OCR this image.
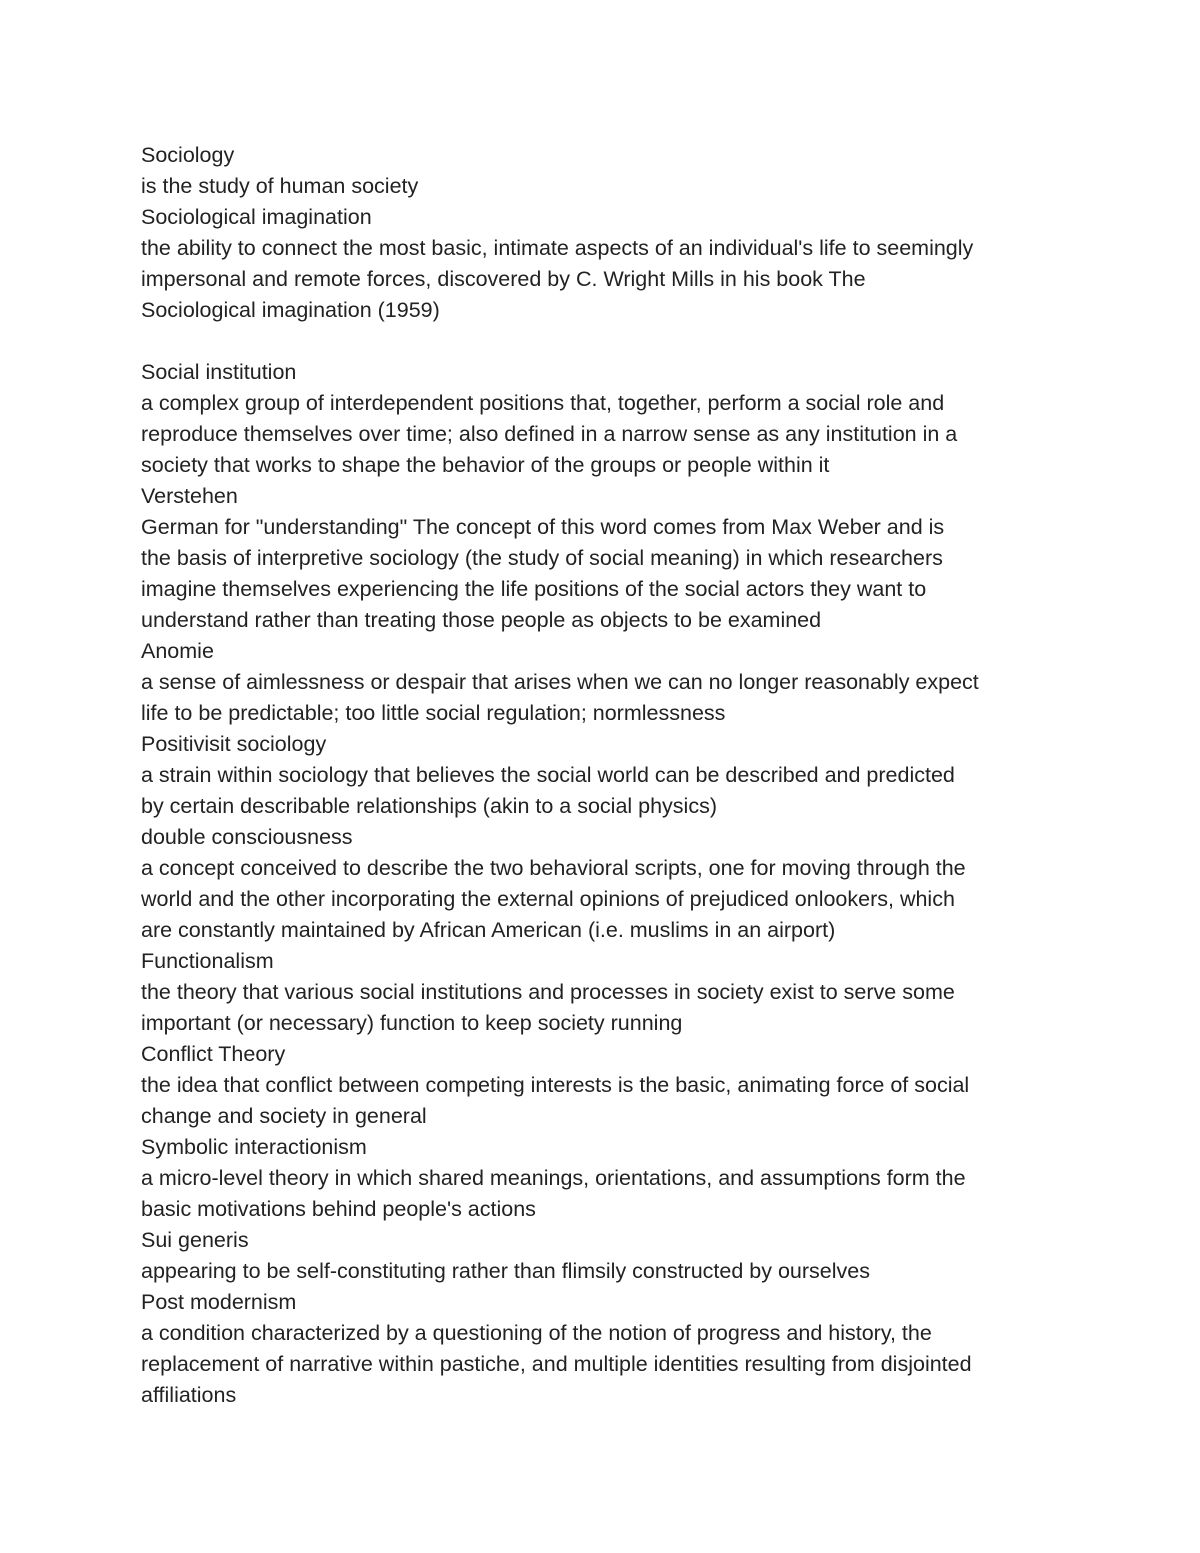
Sociology
is the study of human society
Sociological imagination
the ability to connect the most basic, intimate aspects of an individual's life to seemingly
impersonal and remote forces, discovered by C. Wright Mills in his book The
Sociological imagination (1959)
Social institution
a complex group of interdependent positions that, together, perform a social role and
reproduce themselves over time; also defined in a narrow sense as any institution in a
society that works to shape the behavior of the groups or people within it
Verstehen
German for "understanding" The concept of this word comes from Max Weber and is
the basis of interpretive sociology (the study of social meaning) in which researchers
imagine themselves experiencing the life positions of the social actors they want to
understand rather than treating those people as objects to be examined
Anomie
a sense of aimlessness or despair that arises when we can no longer reasonably expect
life to be predictable; too little social regulation; normlessness
Positivisit sociology
a strain within sociology that believes the social world can be described and predicted
by certain describable relationships (akin to a social physics)
double consciousness
a concept conceived to describe the two behavioral scripts, one for moving through the
world and the other incorporating the external opinions of prejudiced onlookers, which
are constantly maintained by African American (i.e. muslims in an airport)
Functionalism
the theory that various social institutions and processes in society exist to serve some
important (or necessary) function to keep society running
Conflict Theory
the idea that conflict between competing interests is the basic, animating force of social
change and society in general
Symbolic interactionism
a micro-level theory in which shared meanings, orientations, and assumptions form the
basic motivations behind people's actions
Sui generis
appearing to be self-constituting rather than flimsily constructed by ourselves
Post modernism
a condition characterized by a questioning of the notion of progress and history, the
replacement of narrative within pastiche, and multiple identities resulting from disjointed
affiliations
